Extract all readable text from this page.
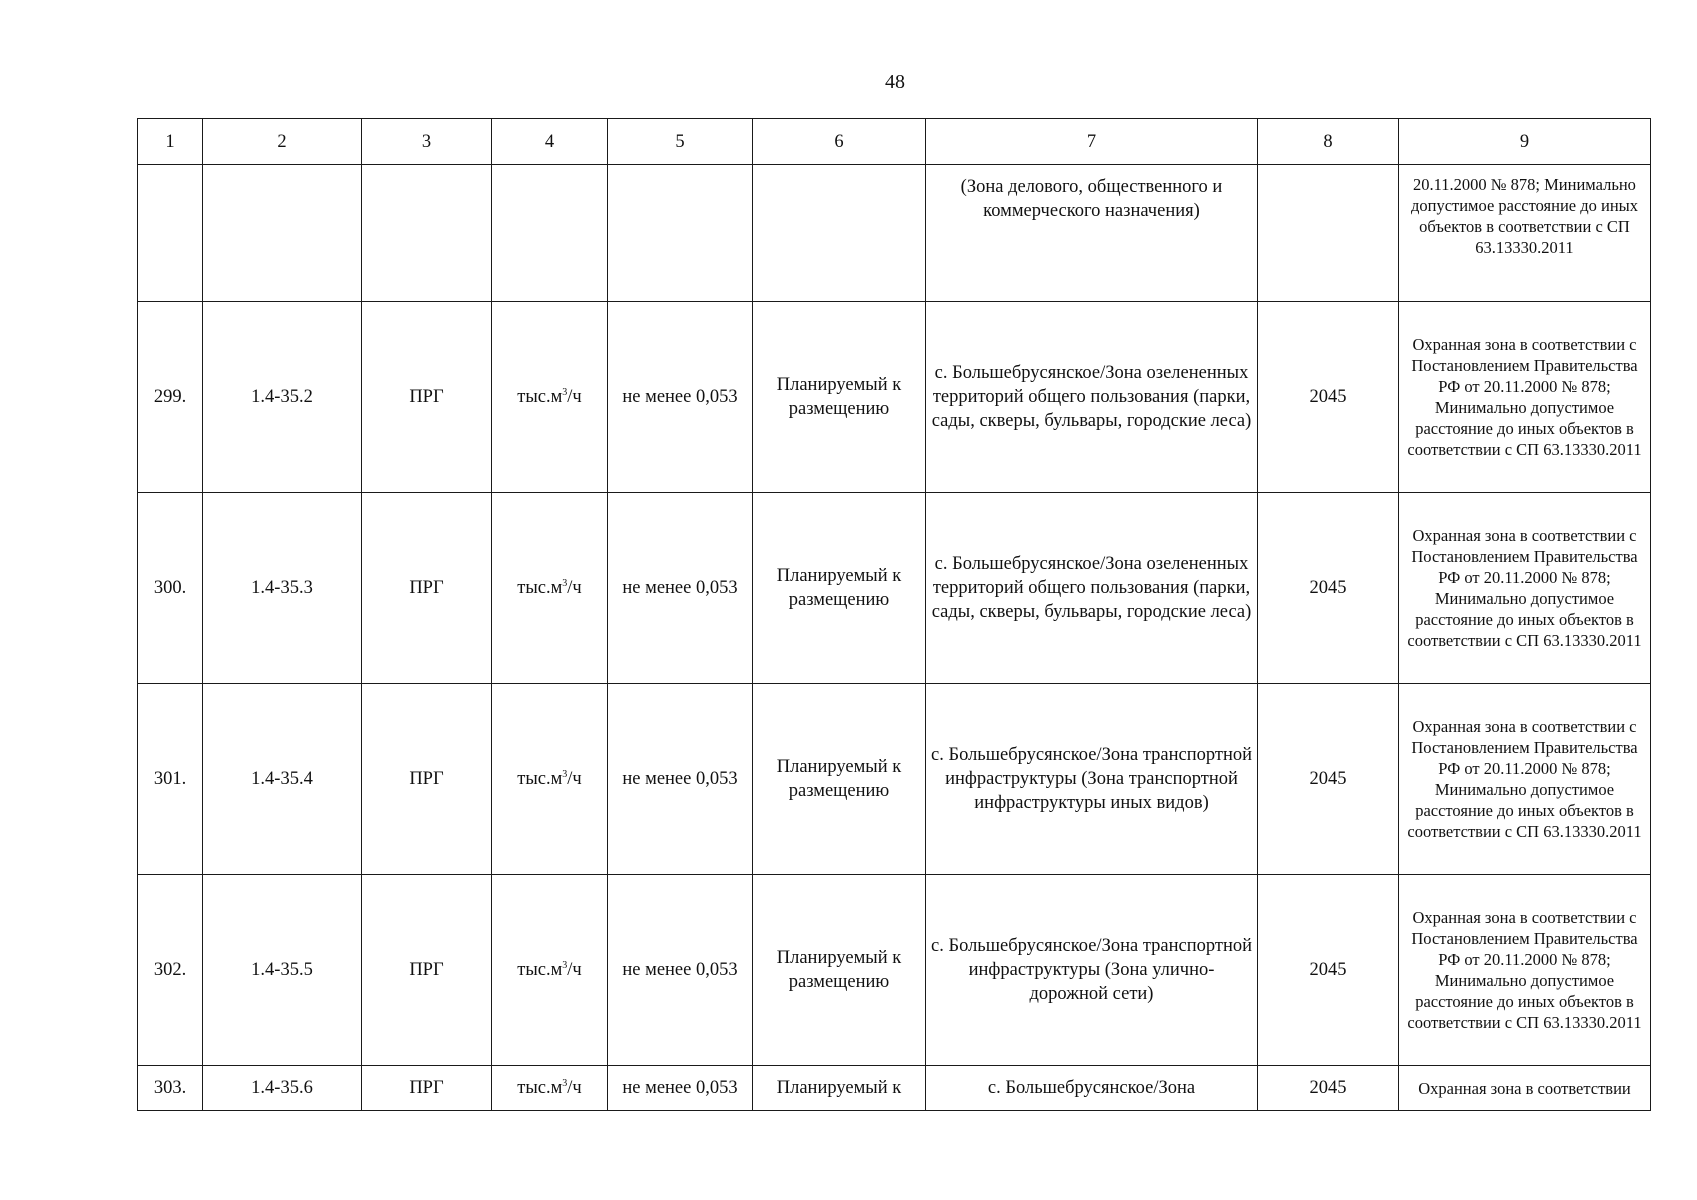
48
1	2	3	4	5	6	7	8	9
						(Зона делового, общественного и коммерческого назначения)		20.11.2000 № 878; Минимально допустимое расстояние до иных объектов в соответствии с СП 63.13330.2011
299.	1.4-35.2	ПРГ	$тыс.м^3/ч$	не менее 0,053	Планируемый к размещению	с. Большебрусянское/Зона озелененных территорий общего пользования (парки, сады, скверы, бульвары, городские леса)	2045	Охранная зона в соответствии с Постановлением Правительства РФ от 20.11.2000 № 878; Минимально допустимое расстояние до иных объектов в соответствии с СП 63.13330.2011
300.	1.4-35.3	ПРГ	$тыс.м^3/ч$	не менее 0,053	Планируемый к размещению	с. Большебрусянское/Зона озелененных территорий общего пользования (парки, сады, скверы, бульвары, городские леса)	2045	Охранная зона в соответствии с Постановлением Правительства РФ от 20.11.2000 № 878; Минимально допустимое расстояние до иных объектов в соответствии с СП 63.13330.2011
301.	1.4-35.4	ПРГ	$тыс.м^3/ч$	не менее 0,053	Планируемый к размещению	с. Большебрусянское/Зона транспортной инфраструктуры (Зона транспортной инфраструктуры иных видов)	2045	Охранная зона в соответствии с Постановлением Правительства РФ от 20.11.2000 № 878; Минимально допустимое расстояние до иных объектов в соответствии с СП 63.13330.2011
302.	1.4-35.5	ПРГ	$тыс.м^3/ч$	не менее 0,053	Планируемый к размещению	с. Большебрусянское/Зона транспортной инфраструктуры (Зона улично-дорожной сети)	2045	Охранная зона в соответствии с Постановлением Правительства РФ от 20.11.2000 № 878; Минимально допустимое расстояние до иных объектов в соответствии с СП 63.13330.2011
303.	1.4-35.6	ПРГ	$тыс.м^3/ч$	не менее 0,053	Планируемый к	с. Большебрусянское/Зона	2045	Охранная зона в соответствии
